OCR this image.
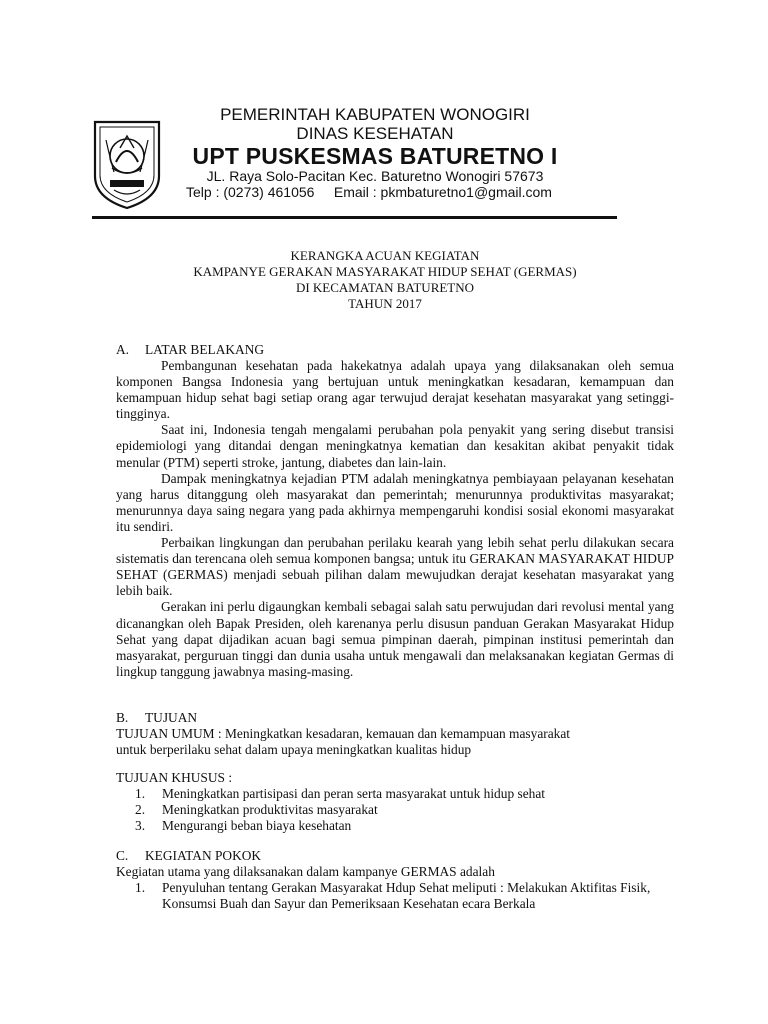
PEMERINTAH KABUPATEN WONOGIRI
DINAS KESEHATAN
UPT PUSKESMAS BATURETNO I
JL. Raya Solo-Pacitan Kec. Baturetno Wonogiri 57673
Telp : (0273) 461056     Email : pkmbaturetno1@gmail.com
KERANGKA ACUAN KEGIATAN
KAMPANYE GERAKAN MASYARAKAT HIDUP SEHAT (GERMAS)
DI KECAMATAN BATURETNO
TAHUN 2017
A. LATAR BELAKANG

Pembangunan kesehatan pada hakekatnya adalah upaya yang dilaksanakan oleh semua komponen Bangsa Indonesia yang bertujuan untuk meningkatkan kesadaran, kemampuan dan kemampuan hidup sehat bagi setiap orang agar terwujud derajat kesehatan masyarakat yang setinggi-tingginya.

Saat ini, Indonesia tengah mengalami perubahan pola penyakit yang sering disebut transisi epidemiologi yang ditandai dengan meningkatnya kematian dan kesakitan akibat penyakit tidak menular (PTM) seperti stroke, jantung, diabetes dan lain-lain.

Dampak meningkatnya kejadian PTM adalah meningkatnya pembiayaan pelayanan kesehatan yang harus ditanggung oleh masyarakat dan pemerintah; menurunnya produktivitas masyarakat; menurunnya daya saing negara yang pada akhirnya mempengaruhi kondisi sosial ekonomi masyarakat itu sendiri.

Perbaikan lingkungan dan perubahan perilaku kearah yang lebih sehat perlu dilakukan secara sistematis dan terencana oleh semua komponen bangsa; untuk itu GERAKAN MASYARAKAT HIDUP SEHAT (GERMAS) menjadi sebuah pilihan dalam mewujudkan derajat kesehatan masyarakat yang lebih baik.

Gerakan ini perlu digaungkan kembali sebagai salah satu perwujudan dari revolusi mental yang dicanangkan oleh Bapak Presiden, oleh karenanya perlu disusun panduan Gerakan Masyarakat Hidup Sehat yang dapat dijadikan acuan bagi semua pimpinan daerah, pimpinan institusi pemerintah dan masyarakat, perguruan tinggi dan dunia usaha untuk mengawali dan melaksanakan kegiatan Germas di lingkup tanggung jawabnya masing-masing.

B. TUJUAN
TUJUAN UMUM : Meningkatkan kesadaran, kemauan dan kemampuan masyarakat
untuk berperilaku sehat dalam upaya meningkatkan kualitas hidup
TUJUAN KHUSUS :
1. Meningkatkan partisipasi dan peran serta masyarakat untuk hidup sehat
2. Meningkatkan produktivitas masyarakat
3. Mengurangi beban biaya kesehatan
C. KEGIATAN POKOK
Kegiatan utama yang dilaksanakan dalam kampanye GERMAS adalah
1. Penyuluhan tentang Gerakan Masyarakat Hdup Sehat meliputi : Melakukan Aktifitas Fisik, Konsumsi Buah dan Sayur dan Pemeriksaan Kesehatan ecara Berkala
